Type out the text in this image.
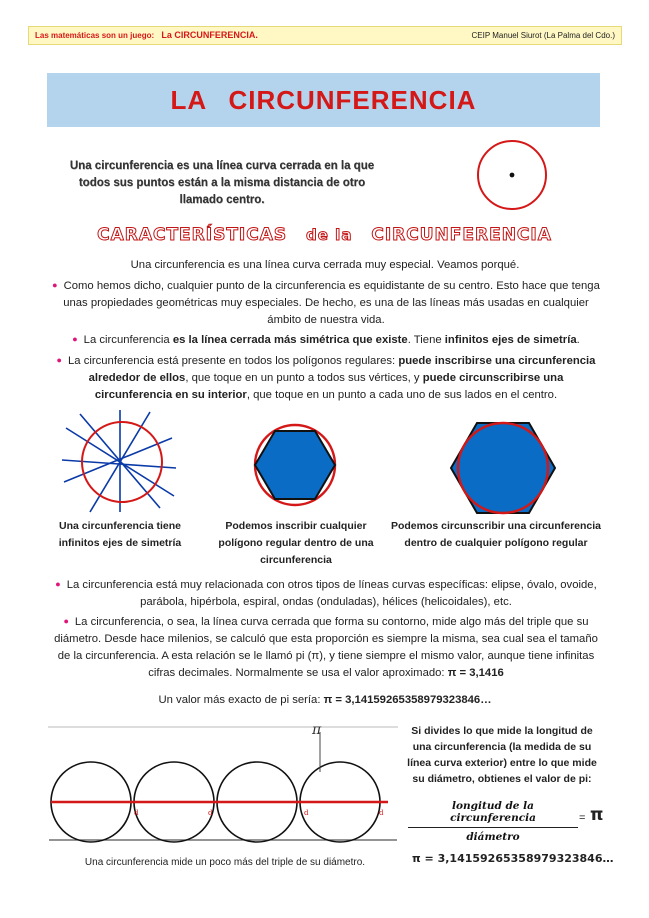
Las matemáticas son un juego: La CIRCUNFERENCIA.	CEIP Manuel Siurot (La Palma del Cdo.)
LA CIRCUNFERENCIA
Una circunferencia es una línea curva cerrada en la que todos sus puntos están a la misma distancia de otro llamado centro.
CARACTERÍSTICAS de la CIRCUNFERENCIA
Una circunferencia es una línea curva cerrada muy especial. Veamos porqué.
● Como hemos dicho, cualquier punto de la circunferencia es equidistante de su centro. Esto hace que tenga unas propiedades geométricas muy especiales. De hecho, es una de las líneas más usadas en cualquier ámbito de nuestra vida.
● La circunferencia es la línea cerrada más simétrica que existe. Tiene infinitos ejes de simetría.
● La circunferencia está presente en todos los polígonos regulares: puede inscribirse una circunferencia alrededor de ellos, que toque en un punto a todos sus vértices, y puede circunscribirse una circunferencia en su interior, que toque en un punto a cada uno de sus lados en el centro.
Una circunferencia tiene infinitos ejes de simetría
Podemos inscribir cualquier polígono regular dentro de una circunferencia
Podemos circunscribir una circunferencia dentro de cualquier polígono regular
● La circunferencia está muy relacionada con otros tipos de líneas curvas específicas: elipse, óvalo, ovoide, parábola, hipérbola, espiral, ondas (onduladas), hélices (helicoidales), etc.
● La circunferencia, o sea, la línea curva cerrada que forma su contorno, mide algo más del triple que su diámetro. Desde hace milenios, se calculó que esta proporción es siempre la misma, sea cual sea el tamaño de la circunferencia. A esta relación se le llamó pi (π), y tiene siempre el mismo valor, aunque tiene infinitas cifras decimales. Normalmente se usa el valor aproximado: π = 3,1416
Un valor más exacto de pi sería: π = 3,14159265358979323846…
π
d	d	d	d
Una circunferencia mide un poco más del triple de su diámetro.
Si divides lo que mide la longitud de una circunferencia (la medida de su línea curva exterior) entre lo que mide su diámetro, obtienes el valor de pi:
longitud de la circunferencia
diámetro
= π
π = 3,14159265358979323846…
